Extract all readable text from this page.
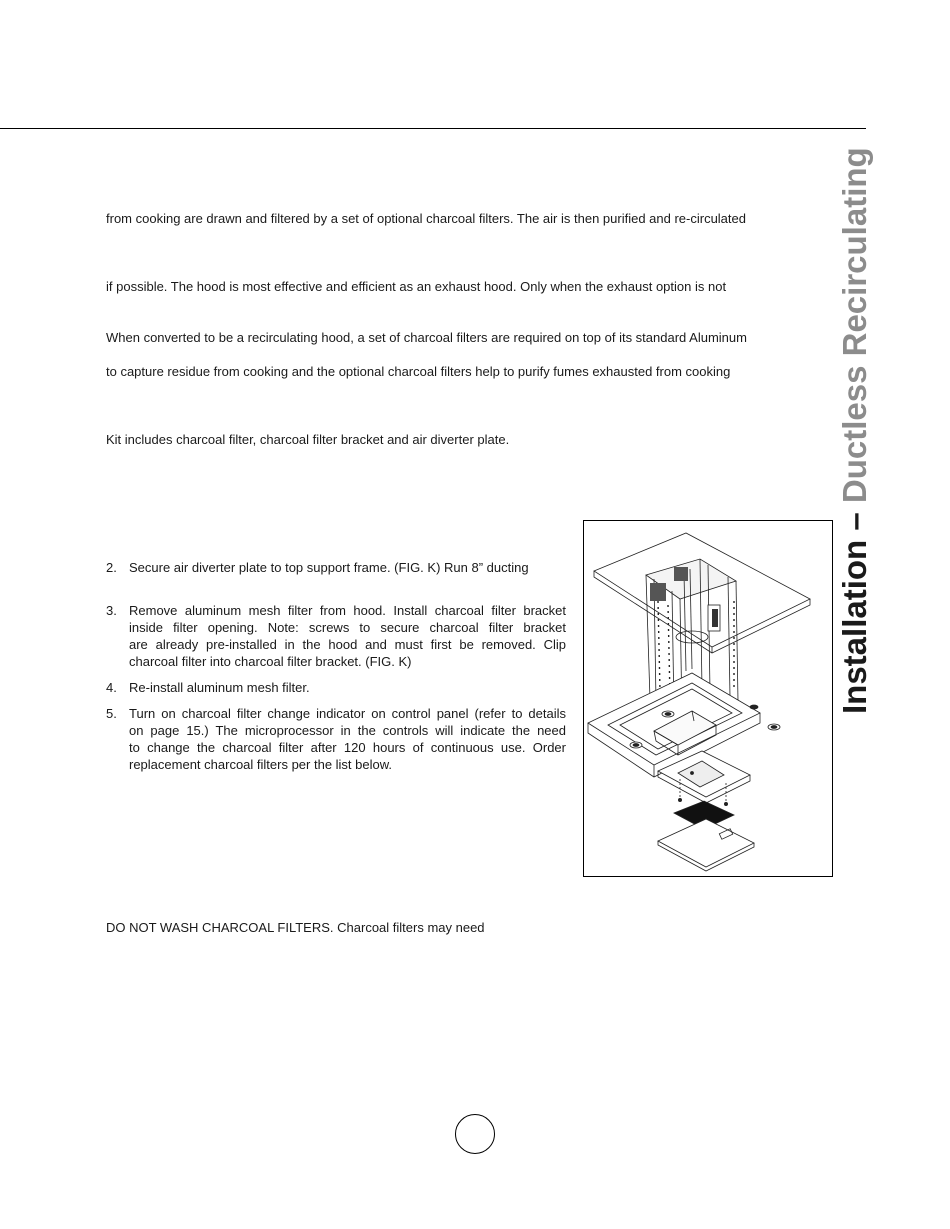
Installation – Ductless Recirculating

from cooking are drawn and filtered by a set of optional charcoal filters. The air is then purified and re-circulated

if possible. The hood is most effective and efficient as an exhaust hood. Only when the exhaust option is not

When converted to be a recirculating hood, a set of charcoal filters are required on top of its standard Aluminum

to capture residue from cooking and the optional charcoal filters help to purify fumes exhausted from cooking

Kit includes charcoal filter, charcoal filter bracket and air diverter plate.

2. Secure air diverter plate to top support frame. (FIG. K) Run 8” ducting
3. Remove aluminum mesh filter from hood. Install charcoal filter bracket
inside filter opening. Note: screws to secure charcoal filter bracket
are already pre-installed in the hood and must first be removed. Clip
charcoal filter into charcoal filter bracket. (FIG. K)
4. Re-install aluminum mesh filter.
5. Turn on charcoal filter change indicator on control panel (refer to details
on page 15.) The microprocessor in the controls will indicate the need
to change the charcoal filter after 120 hours of continuous use. Order
replacement charcoal filters per the list below.

DO NOT WASH CHARCOAL FILTERS. Charcoal filters may need
